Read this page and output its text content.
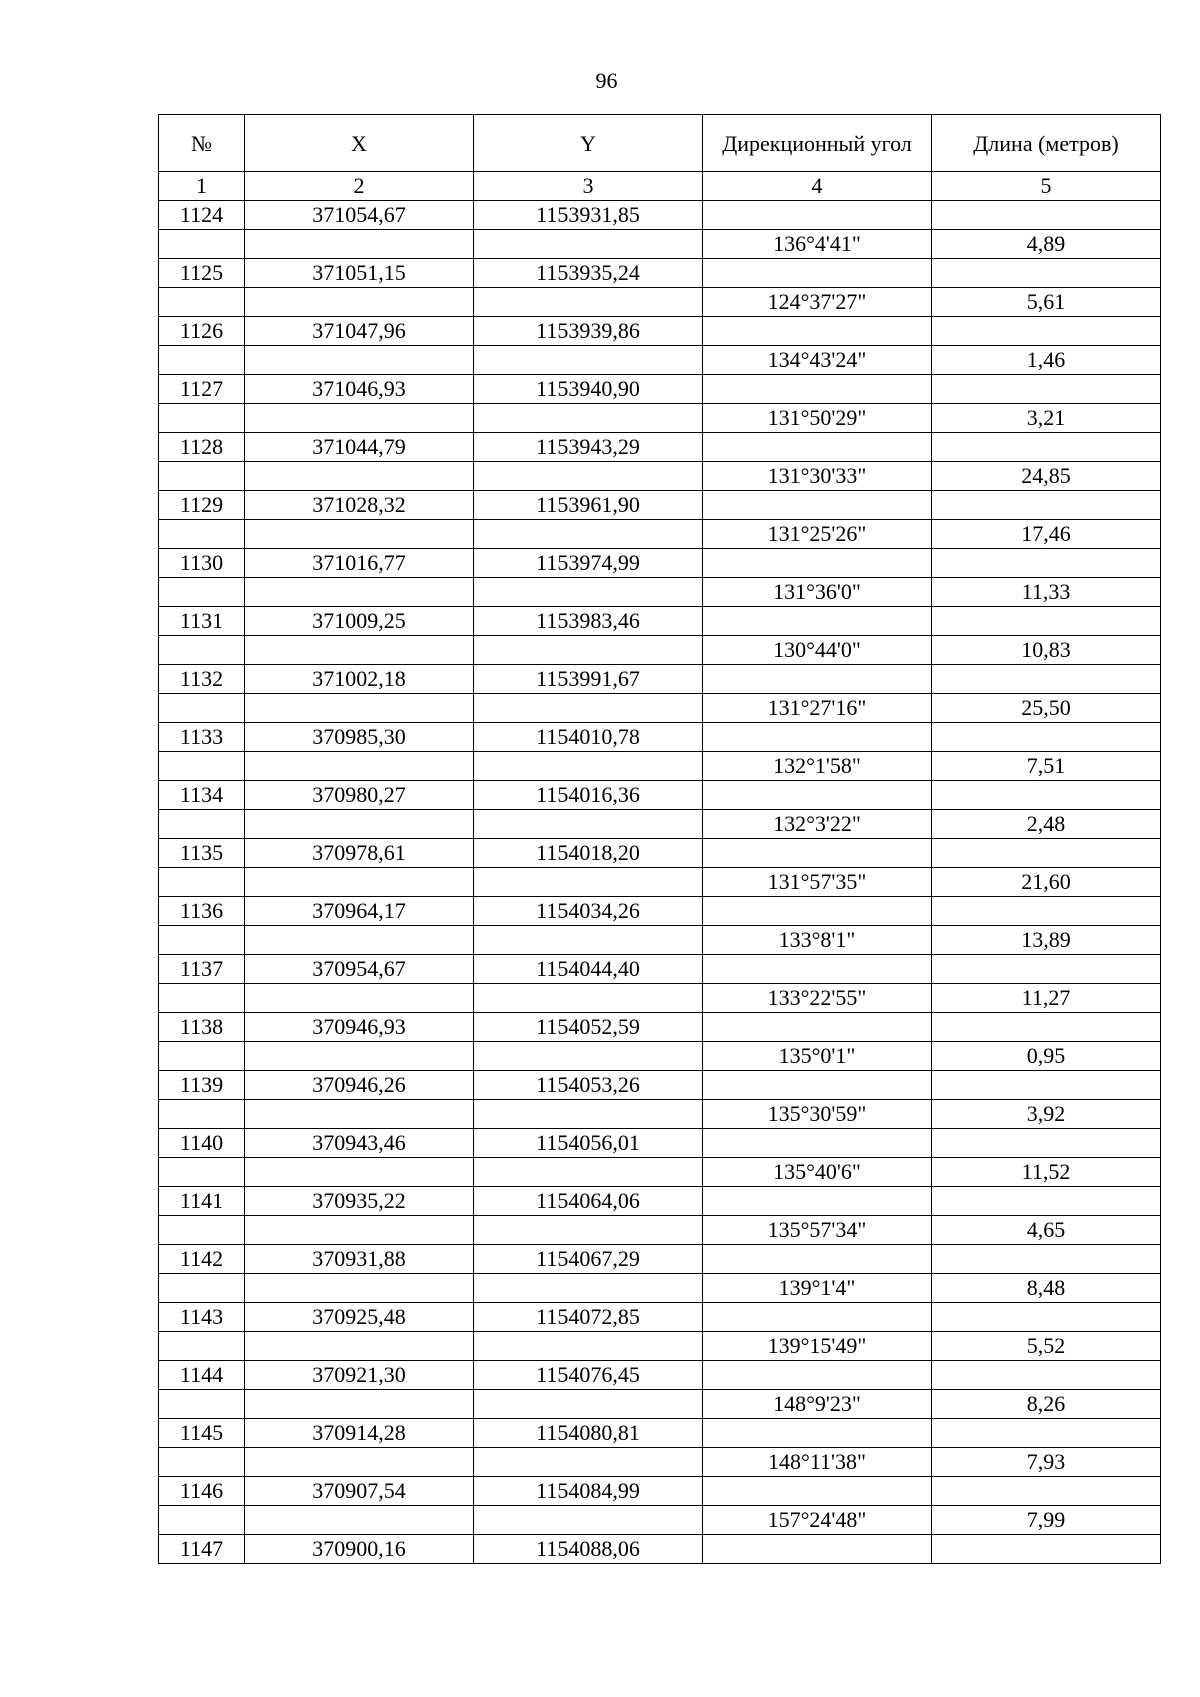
96
№	X	Y	Дирекционный угол	Длина (метров)
1	2	3	4	5
1124	371054,67	1153931,85		
			136°4'41"	4,89
1125	371051,15	1153935,24		
			124°37'27"	5,61
1126	371047,96	1153939,86		
			134°43'24"	1,46
1127	371046,93	1153940,90		
			131°50'29"	3,21
1128	371044,79	1153943,29		
			131°30'33"	24,85
1129	371028,32	1153961,90		
			131°25'26"	17,46
1130	371016,77	1153974,99		
			131°36'0"	11,33
1131	371009,25	1153983,46		
			130°44'0"	10,83
1132	371002,18	1153991,67		
			131°27'16"	25,50
1133	370985,30	1154010,78		
			132°1'58"	7,51
1134	370980,27	1154016,36		
			132°3'22"	2,48
1135	370978,61	1154018,20		
			131°57'35"	21,60
1136	370964,17	1154034,26		
			133°8'1"	13,89
1137	370954,67	1154044,40		
			133°22'55"	11,27
1138	370946,93	1154052,59		
			135°0'1"	0,95
1139	370946,26	1154053,26		
			135°30'59"	3,92
1140	370943,46	1154056,01		
			135°40'6"	11,52
1141	370935,22	1154064,06		
			135°57'34"	4,65
1142	370931,88	1154067,29		
			139°1'4"	8,48
1143	370925,48	1154072,85		
			139°15'49"	5,52
1144	370921,30	1154076,45		
			148°9'23"	8,26
1145	370914,28	1154080,81		
			148°11'38"	7,93
1146	370907,54	1154084,99		
			157°24'48"	7,99
1147	370900,16	1154088,06		
